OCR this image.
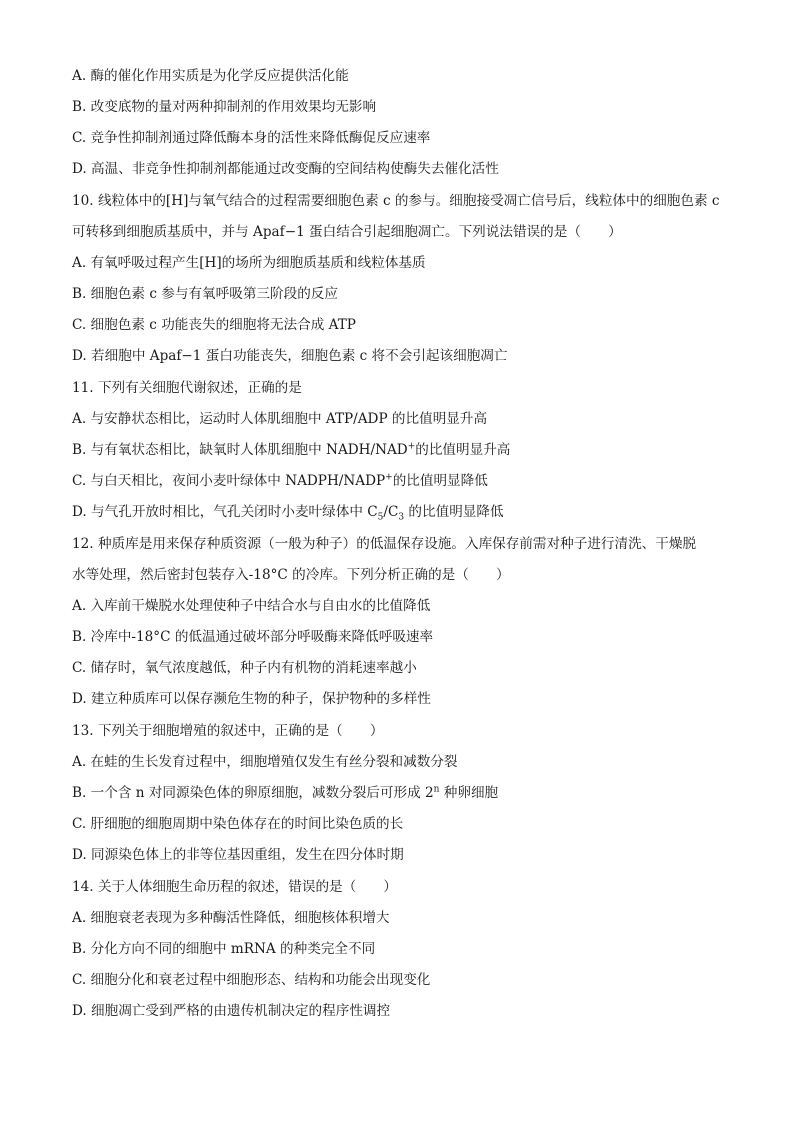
A. 酶的催化作用实质是为化学反应提供活化能
B. 改变底物的量对两种抑制剂的作用效果均无影响
C. 竞争性抑制剂通过降低酶本身的活性来降低酶促反应速率
D. 高温、非竞争性抑制剂都能通过改变酶的空间结构使酶失去催化活性
10. 线粒体中的[H]与氧气结合的过程需要细胞色素 c 的参与。细胞接受凋亡信号后，线粒体中的细胞色素 c
可转移到细胞质基质中，并与 Apaf−1 蛋白结合引起细胞凋亡。下列说法错误的是（　　）
A. 有氧呼吸过程产生[H]的场所为细胞质基质和线粒体基质
B. 细胞色素 c 参与有氧呼吸第三阶段的反应
C. 细胞色素 c 功能丧失的细胞将无法合成 ATP
D. 若细胞中 Apaf−1 蛋白功能丧失，细胞色素 c 将不会引起该细胞凋亡
11. 下列有关细胞代谢叙述，正确的是
A. 与安静状态相比，运动时人体肌细胞中 ATP/ADP 的比值明显升高
B. 与有氧状态相比，缺氧时人体肌细胞中 NADH/NAD+的比值明显升高
C. 与白天相比，夜间小麦叶绿体中 NADPH/NADP+的比值明显降低
D. 与气孔开放时相比，气孔关闭时小麦叶绿体中 $C_5/C_3$ 的比值明显降低
12. 种质库是用来保存种质资源（一般为种子）的低温保存设施。入库保存前需对种子进行清洗、干燥脱
水等处理，然后密封包装存入-18°C 的冷库。下列分析正确的是（　　）
A. 入库前干燥脱水处理使种子中结合水与自由水的比值降低
B. 冷库中-18°C 的低温通过破坏部分呼吸酶来降低呼吸速率
C. 储存时，氧气浓度越低，种子内有机物的消耗速率越小
D. 建立种质库可以保存濒危生物的种子，保护物种的多样性
13. 下列关于细胞增殖的叙述中，正确的是（　　）
A. 在蛙的生长发育过程中，细胞增殖仅发生有丝分裂和减数分裂
B. 一个含 n 对同源染色体的卵原细胞，减数分裂后可形成 2$^n$ 种卵细胞
C. 肝细胞的细胞周期中染色体存在的时间比染色质的长
D. 同源染色体上的非等位基因重组，发生在四分体时期
14. 关于人体细胞生命历程的叙述，错误的是（　　）
A. 细胞衰老表现为多种酶活性降低，细胞核体积增大
B. 分化方向不同的细胞中 mRNA 的种类完全不同
C. 细胞分化和衰老过程中细胞形态、结构和功能会出现变化
D. 细胞凋亡受到严格的由遗传机制决定的程序性调控
